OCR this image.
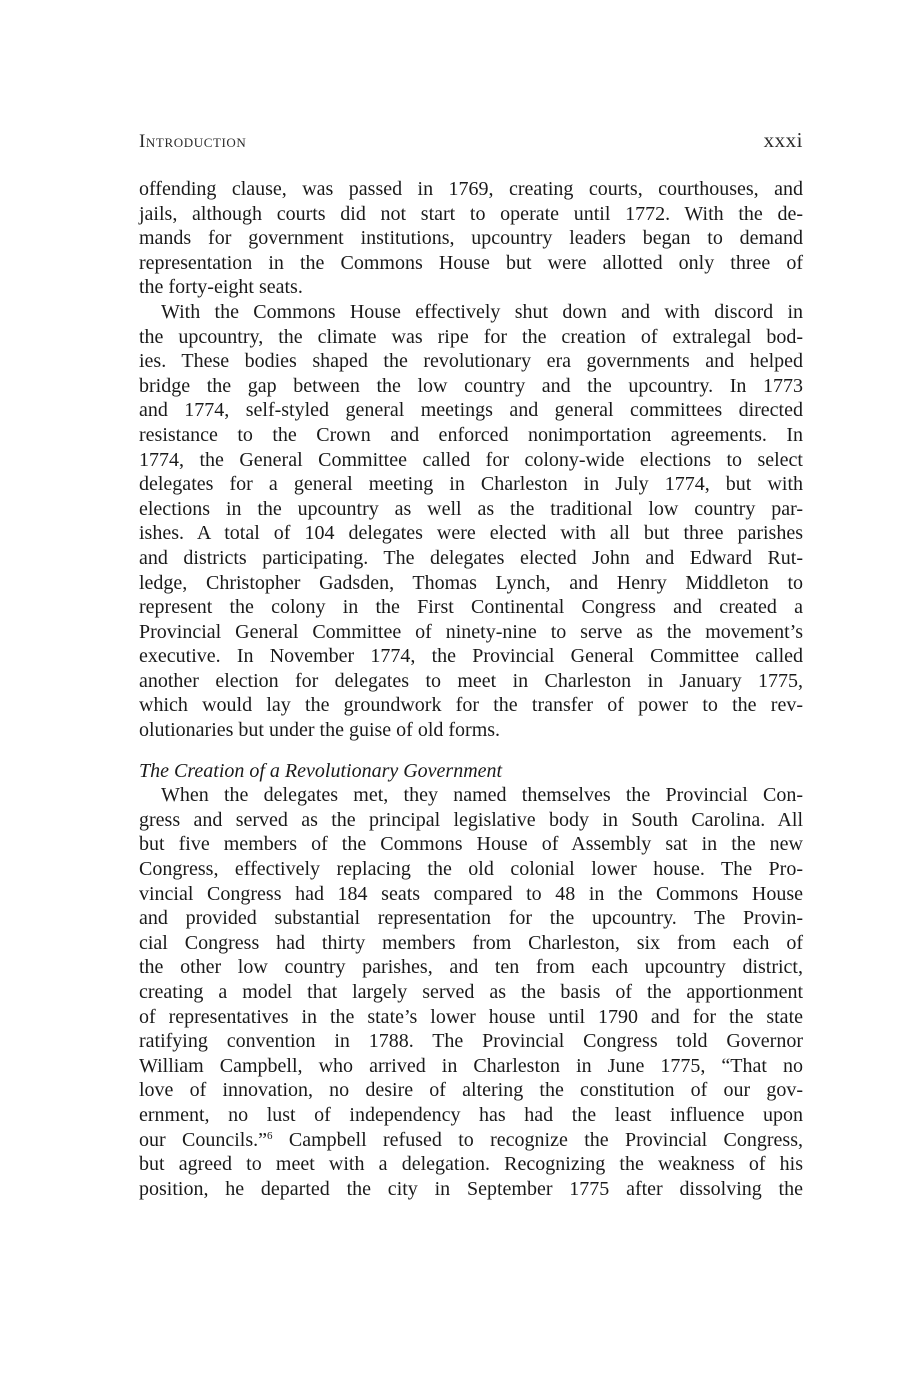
Introduction	xxxi
offending clause, was passed in 1769, creating courts, courthouses, and
jails, although courts did not start to operate until 1772. With the de-
mands for government institutions, upcountry leaders began to demand
representation in the Commons House but were allotted only three of
the forty-eight seats.
With the Commons House effectively shut down and with discord in
the upcountry, the climate was ripe for the creation of extralegal bod-
ies. These bodies shaped the revolutionary era governments and helped
bridge the gap between the low country and the upcountry. In 1773
and 1774, self-styled general meetings and general committees directed
resistance to the Crown and enforced nonimportation agreements. In
1774, the General Committee called for colony-wide elections to select
delegates for a general meeting in Charleston in July 1774, but with
elections in the upcountry as well as the traditional low country par-
ishes. A total of 104 delegates were elected with all but three parishes
and districts participating. The delegates elected John and Edward Rut-
ledge, Christopher Gadsden, Thomas Lynch, and Henry Middleton to
represent the colony in the First Continental Congress and created a
Provincial General Committee of ninety-nine to serve as the movement’s
executive. In November 1774, the Provincial General Committee called
another election for delegates to meet in Charleston in January 1775,
which would lay the groundwork for the transfer of power to the rev-
olutionaries but under the guise of old forms.
The Creation of a Revolutionary Government
When the delegates met, they named themselves the Provincial Con-
gress and served as the principal legislative body in South Carolina. All
but five members of the Commons House of Assembly sat in the new
Congress, effectively replacing the old colonial lower house. The Pro-
vincial Congress had 184 seats compared to 48 in the Commons House
and provided substantial representation for the upcountry. The Provin-
cial Congress had thirty members from Charleston, six from each of
the other low country parishes, and ten from each upcountry district,
creating a model that largely served as the basis of the apportionment
of representatives in the state’s lower house until 1790 and for the state
ratifying convention in 1788. The Provincial Congress told Governor
William Campbell, who arrived in Charleston in June 1775, “That no
love of innovation, no desire of altering the constitution of our gov-
ernment, no lust of independency has had the least influence upon
our Councils.”$^6$ Campbell refused to recognize the Provincial Congress,
but agreed to meet with a delegation. Recognizing the weakness of his
position, he departed the city in September 1775 after dissolving the
